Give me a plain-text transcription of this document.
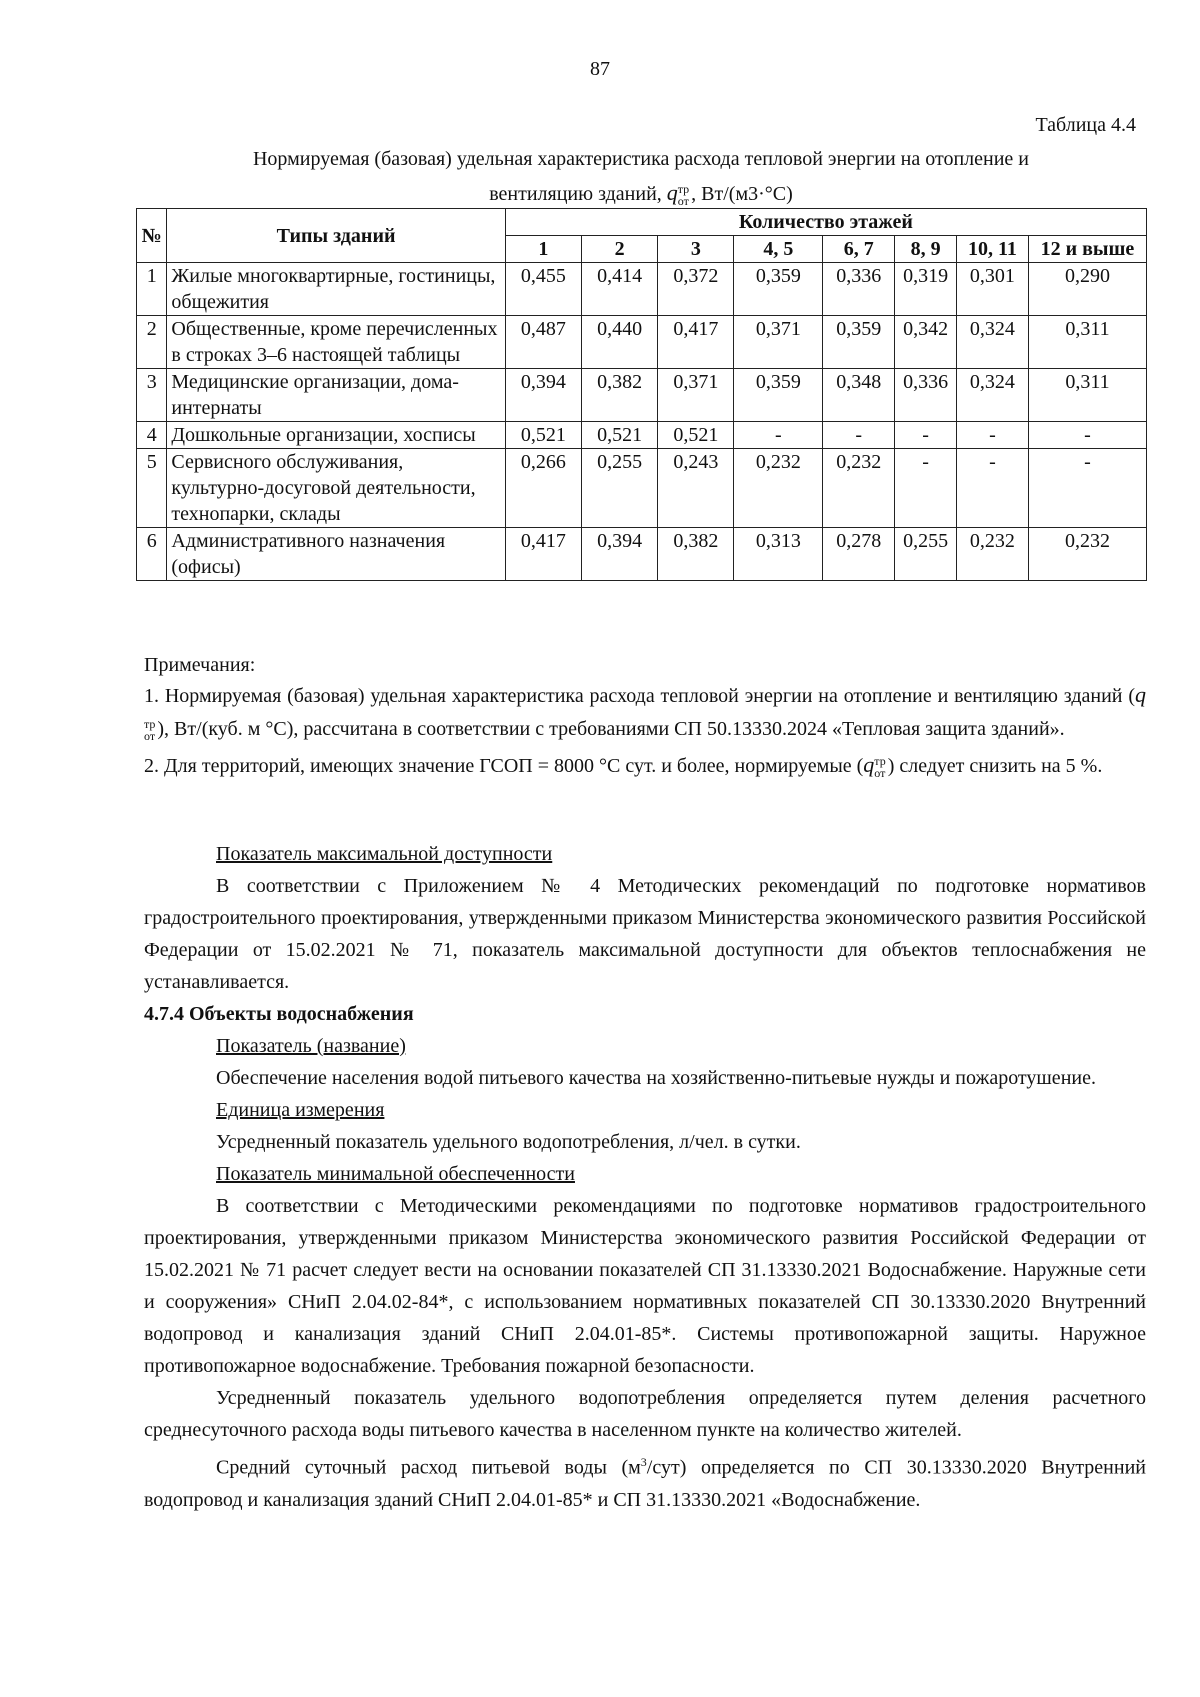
87
Таблица 4.4
Нормируемая (базовая) удельная характеристика расхода тепловой энергии на отопление и
вентиляцию зданий, q тр
от , Вт/(м3·°С)
№	Типы зданий	Количество этажей							
		1	2	3	4, 5	6, 7	8, 9	10, 11	12 и выше
1	Жилые многоквартирные, гостиницы, общежития	0,455	0,414	0,372	0,359	0,336	0,319	0,301	0,290
2	Общественные, кроме перечисленных в строках 3–6 настоящей таблицы	0,487	0,440	0,417	0,371	0,359	0,342	0,324	0,311
3	Медицинские организации, дома-интернаты	0,394	0,382	0,371	0,359	0,348	0,336	0,324	0,311
4	Дошкольные организации, хосписы	0,521	0,521	0,521	-	-	-	-	-
5	Сервисного обслуживания, культурно-досуговой деятельности, технопарки, склады	0,266	0,255	0,243	0,232	0,232	-	-	-
6	Административного назначения (офисы)	0,417	0,394	0,382	0,313	0,278	0,255	0,232	0,232

Примечания:

1. Нормируемая (базовая) удельная характеристика расхода тепловой энергии на отопление и вентиляцию зданий (q
тр
от ), Вт/(куб. м °С), рассчитана в соответствии с требованиями СП 50.13330.2024 «Тепловая защита зданий».

2. Для территорий, имеющих значение ГСОП = 8000 °С сут. и более, нормируемые (q тр
от ) следует снизить на 5 %.

Показатель максимальной доступности

В соответствии с Приложением № 4 Методических рекомендаций по подготовке нормативов градостроительного проектирования, утвержденными приказом Министерства экономического развития Российской Федерации от 15.02.2021 № 71, показатель максимальной доступности для объектов теплоснабжения не устанавливается.

4.7.4 Объекты водоснабжения
Показатель (название)

Обеспечение населения водой питьевого качества на хозяйственно-питьевые нужды и пожаротушение.

Единица измерения

Усредненный показатель удельного водопотребления, л/чел. в сутки.

Показатель минимальной обеспеченности

В соответствии с Методическими рекомендациями по подготовке нормативов градостроительного проектирования, утвержденными приказом Министерства экономического развития Российской Федерации от 15.02.2021 № 71 расчет следует вести на основании показателей СП 31.13330.2021 Водоснабжение. Наружные сети и сооружения» СНиП 2.04.02-84*, с использованием нормативных показателей СП 30.13330.2020 Внутренний водопровод и канализация зданий СНиП 2.04.01-85*. Системы противопожарной защиты. Наружное противопожарное водоснабжение. Требования пожарной безопасности.

Усредненный показатель удельного водопотребления определяется путем деления расчетного среднесуточного расхода воды питьевого качества в населенном пункте на количество жителей.

Средний суточный расход питьевой воды $(м^3/сут)$ определяется по СП 30.13330.2020 Внутренний водопровод и канализация зданий СНиП 2.04.01-85* и СП 31.13330.2021 «Водоснабжение.
